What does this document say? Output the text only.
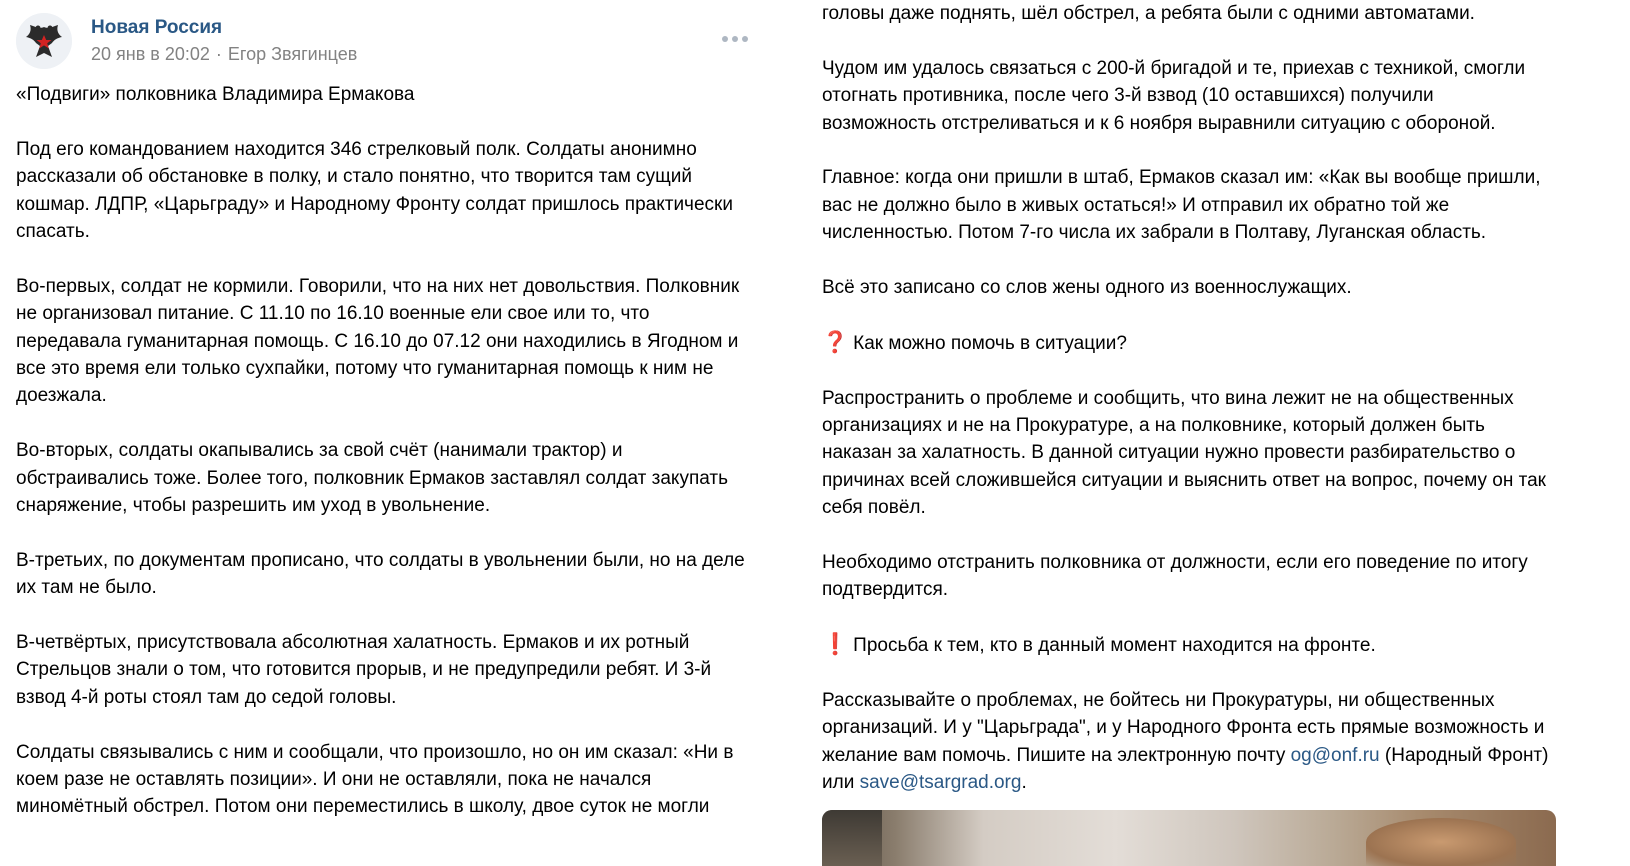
Новая Россия
20 янв в 20:02 · Егор Звягинцев

«Подвиги» полковника Владимира Ермакова

Под его командованием находится 346 стрелковый полк. Солдаты анонимно
рассказали об обстановке в полку, и стало понятно, что творится там сущий
кошмар. ЛДПР, «Царьграду» и Народному Фронту солдат пришлось практически
спасать.

Во-первых, солдат не кормили. Говорили, что на них нет довольствия. Полковник
не организовал питание. С 11.10 по 16.10 военные ели свое или то, что
передавала гуманитарная помощь. С 16.10 до 07.12 они находились в Ягодном и
все это время ели только сухпайки, потому что гуманитарная помощь к ним не
доезжала.

Во-вторых, солдаты окапывались за свой счёт (нанимали трактор) и
обстраивались тоже. Более того, полковник Ермаков заставлял солдат закупать
снаряжение, чтобы разрешить им уход в увольнение.

В-третьих, по документам прописано, что солдаты в увольнении были, но на деле
их там не было.

В-четвёртых, присутствовала абсолютная халатность. Ермаков и их ротный
Стрельцов знали о том, что готовится прорыв, и не предупредили ребят. И 3-й
взвод 4-й роты стоял там до седой головы.

Солдаты связывались с ним и сообщали, что произошло, но он им сказал: «Ни в
коем разе не оставлять позиции». И они не оставляли, пока не начался
миномётный обстрел. Потом они переместились в школу, двое суток не могли

головы даже поднять, шёл обстрел, а ребята были с одними автоматами.

Чудом им удалось связаться с 200-й бригадой и те, приехав с техникой, смогли
отогнать противника, после чего 3-й взвод (10 оставшихся) получили
возможность отстреливаться и к 6 ноября выравнили ситуацию с обороной.

Главное: когда они пришли в штаб, Ермаков сказал им: «Как вы вообще пришли,
вас не должно было в живых остаться!» И отправил их обратно той же
численностью. Потом 7-го числа их забрали в Полтаву, Луганская область.

Всё это записано со слов жены одного из военнослужащих.

❓ Как можно помочь в ситуации?

Распространить о проблеме и сообщить, что вина лежит не на общественных
организациях и не на Прокуратуре, а на полковнике, который должен быть
наказан за халатность. В данной ситуации нужно провести разбирательство о
причинах всей сложившейся ситуации и выяснить ответ на вопрос, почему он так
себя повёл.

Необходимо отстранить полковника от должности, если его поведение по итогу
подтвердится.

❗ Просьба к тем, кто в данный момент находится на фронте.

Рассказывайте о проблемах, не бойтесь ни Прокуратуры, ни общественных
организаций. И у "Царьграда", и у Народного Фронта есть прямые возможность и
желание вам помочь. Пишите на электронную почту og@onf.ru (Народный Фронт)
или save@tsargrad.org.
